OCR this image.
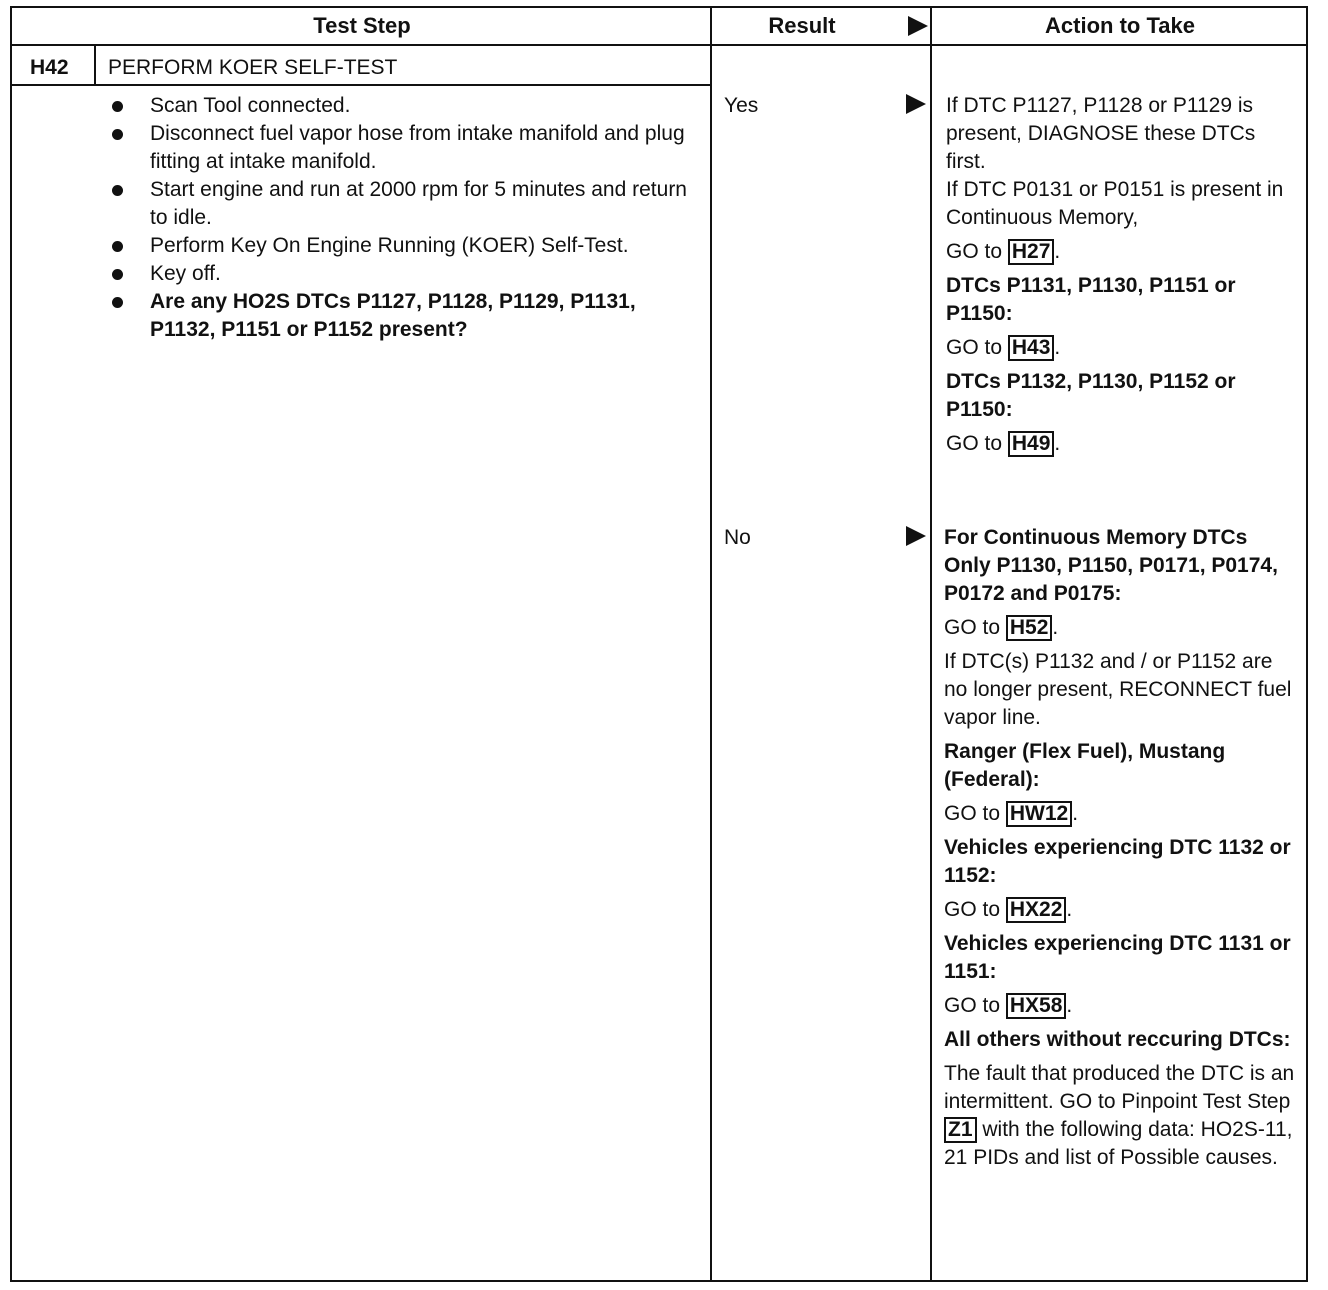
Test Step	Result	Action to Take
H42 PERFORM KOER SELF-TEST
Scan Tool connected.
Disconnect fuel vapor hose from intake manifold and plug fitting at intake manifold.
Start engine and run at 2000 rpm for 5 minutes and return to idle.
Perform Key On Engine Running (KOER) Self-Test.
Key off.
Are any HO2S DTCs P1127, P1128, P1129, P1131, P1132, P1151 or P1152 present?
Yes	If DTC P1127, P1128 or P1129 is present, DIAGNOSE these DTCs first.

If DTC P0131 or P0151 is present in Continuous Memory,

GO to H27 .

DTCs P1131, P1130, P1151 or P1150:

GO to H43 .

DTCs P1132, P1130, P1152 or P1150:

GO to H49 .

No	For Continuous Memory DTCs Only P1130, P1150, P0171, P0174, P0172 and P0175:

GO to H52 .

If DTC(s) P1132 and / or P1152 are no longer present, RECONNECT fuel vapor line.

Ranger (Flex Fuel), Mustang (Federal):

GO to HW12 .

Vehicles experiencing DTC 1132 or 1152:

GO to HX22 .

Vehicles experiencing DTC 1131 or 1151:

GO to HX58 .

All others without reccuring DTCs:

The fault that produced the DTC is an intermittent. GO to Pinpoint Test Step Z1 with the following data: HO2S-11, 21 PIDs and list of Possible causes.
